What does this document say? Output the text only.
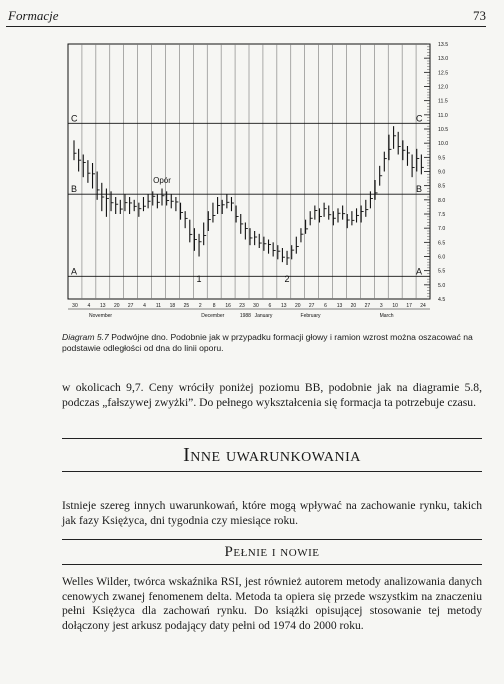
Formacje	73
13.5
13.0
12.5
12.0
11.5
11.0
10.5
10.0
9.5
9.0
8.5
8.0
7.5
7.0
6.5
6.0
5.5
5.0
4.5
C	C
B	B
A	A
Opór
1	2
30 4 13 20 27 4 11 18 25 2 8 16 23 30 6 13 20 27 6 13 20 27 3 10 17 24
November	December	1988 January	February	March
Diagram 5.7 Podwójne dno. Podobnie jak w przypadku formacji głowy i ramion wzrost można oszacować na podstawie odległości od dna do linii oporu.
w okolicach 9,7. Ceny wróciły poniżej poziomu BB, podobnie jak na diagramie 5.8, podczas „fałszywej zwyżki”. Do pełnego wykształcenia się formacja ta potrzebuje czasu.
Inne uwarunkowania
Istnieje szereg innych uwarunkowań, które mogą wpływać na zachowanie rynku, takich jak fazy Księżyca, dni tygodnia czy miesiące roku.
Pełnie i nowie
Welles Wilder, twórca wskaźnika RSI, jest również autorem metody analizowania danych cenowych zwanej fenomenem delta. Metoda ta opiera się przede wszystkim na znaczeniu pełni Księżyca dla zachowań rynku. Do książki opisującej stosowanie tej metody dołączony jest arkusz podający daty pełni od 1974 do 2000 roku.
